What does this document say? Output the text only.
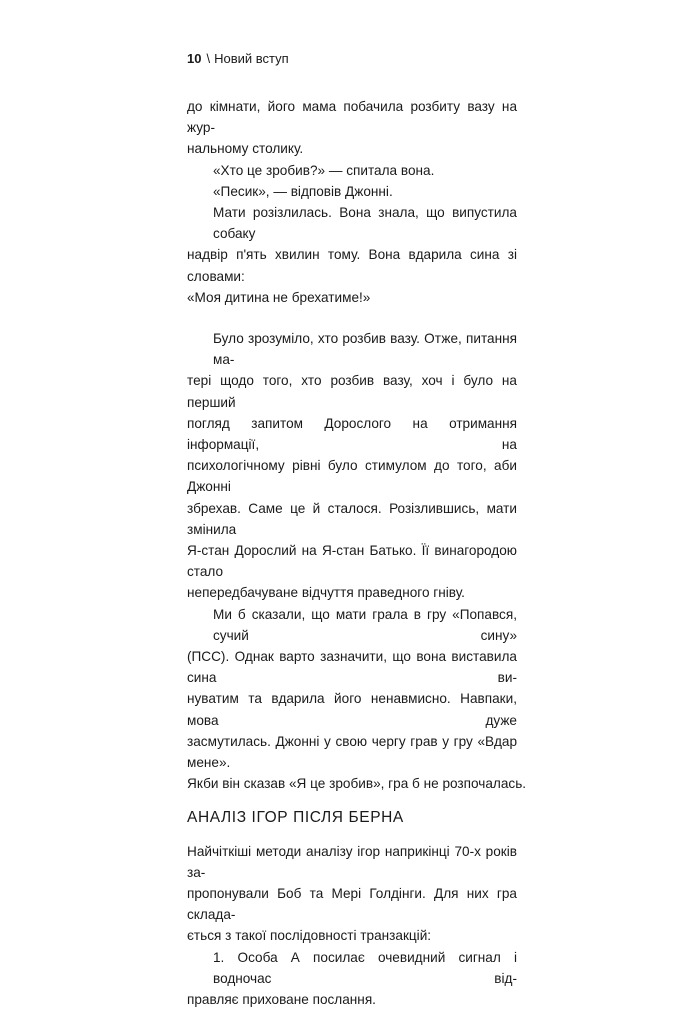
10 \ Новий вступ
до кімнати, його мама побачила розбиту вазу на жур-
нальному столику.
«Хто це зробив?» — спитала вона.
«Песик», — відповів Джонні.
Мати розізлилась. Вона знала, що випустила собаку
надвір п'ять хвилин тому. Вона вдарила сина зі словами:
«Моя дитина не брехатиме!»
Було зрозуміло, хто розбив вазу. Отже, питання ма-
тері щодо того, хто розбив вазу, хоч і було на перший
погляд запитом Дорослого на отримання інформації, на
психологічному рівні було стимулом до того, аби Джонні
збрехав. Саме це й сталося. Розізлившись, мати змінила
Я-стан Дорослий на Я-стан Батько. Її винагородою стало
непередбачуване відчуття праведного гніву.
Ми б сказали, що мати грала в гру «Попався, сучий сину»
(ПСС). Однак варто зазначити, що вона виставила сина ви-
нуватим та вдарила його ненавмисно. Навпаки, мова дуже
засмутилась. Джонні у свою чергу грав у гру «Вдар мене».
Якби він сказав «Я це зробив», гра б не розпочалась.
АНАЛІЗ ІГОР ПІСЛЯ БЕРНА
Найчіткіші методи аналізу ігор наприкінці 70-х років за-
пропонували Боб та Мері Голдінги. Для них гра склада-
ється з такої послідовності транзакцій:
1. Особа А посилає очевидний сигнал і водночас від-
правляє приховане послання.
